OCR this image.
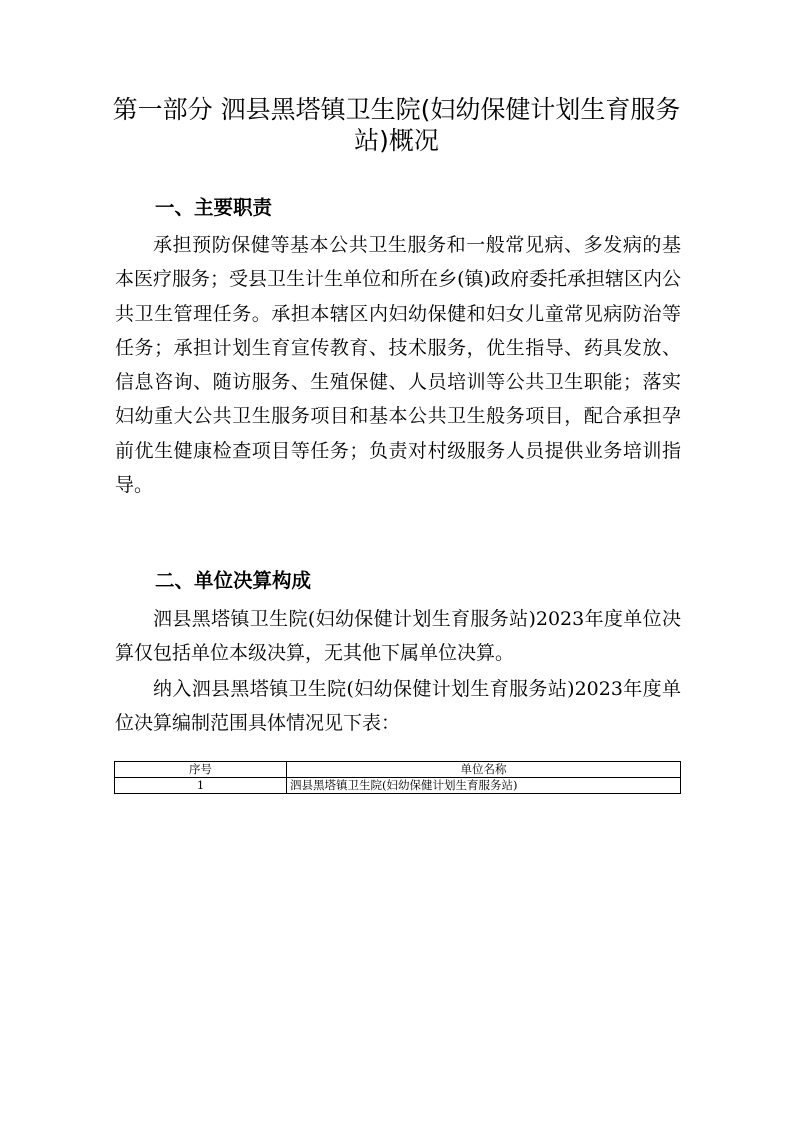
第一部分 泗县黑塔镇卫生院(妇幼保健计划生育服务站)概况
一、主要职责

承担预防保健等基本公共卫生服务和一般常见病、多发病的基本医疗服务；受县卫生计生单位和所在乡(镇)政府委托承担辖区内公共卫生管理任务。承担本辖区内妇幼保健和妇女儿童常见病防治等任务；承担计划生育宣传教育、技术服务，优生指导、药具发放、信息咨询、随访服务、生殖保健、人员培训等公共卫生职能；落实妇幼重大公共卫生服务项目和基本公共卫生般务项目，配合承担孕前优生健康检查项目等任务；负责对村级服务人员提供业务培训指导。

二、单位决算构成

泗县黑塔镇卫生院(妇幼保健计划生育服务站)2023年度单位决算仅包括单位本级决算，无其他下属单位决算。

纳入泗县黑塔镇卫生院(妇幼保健计划生育服务站)2023年度单位决算编制范围具体情况见下表：

序号	单位名称
1	泗县黑塔镇卫生院(妇幼保健计划生育服务站)
